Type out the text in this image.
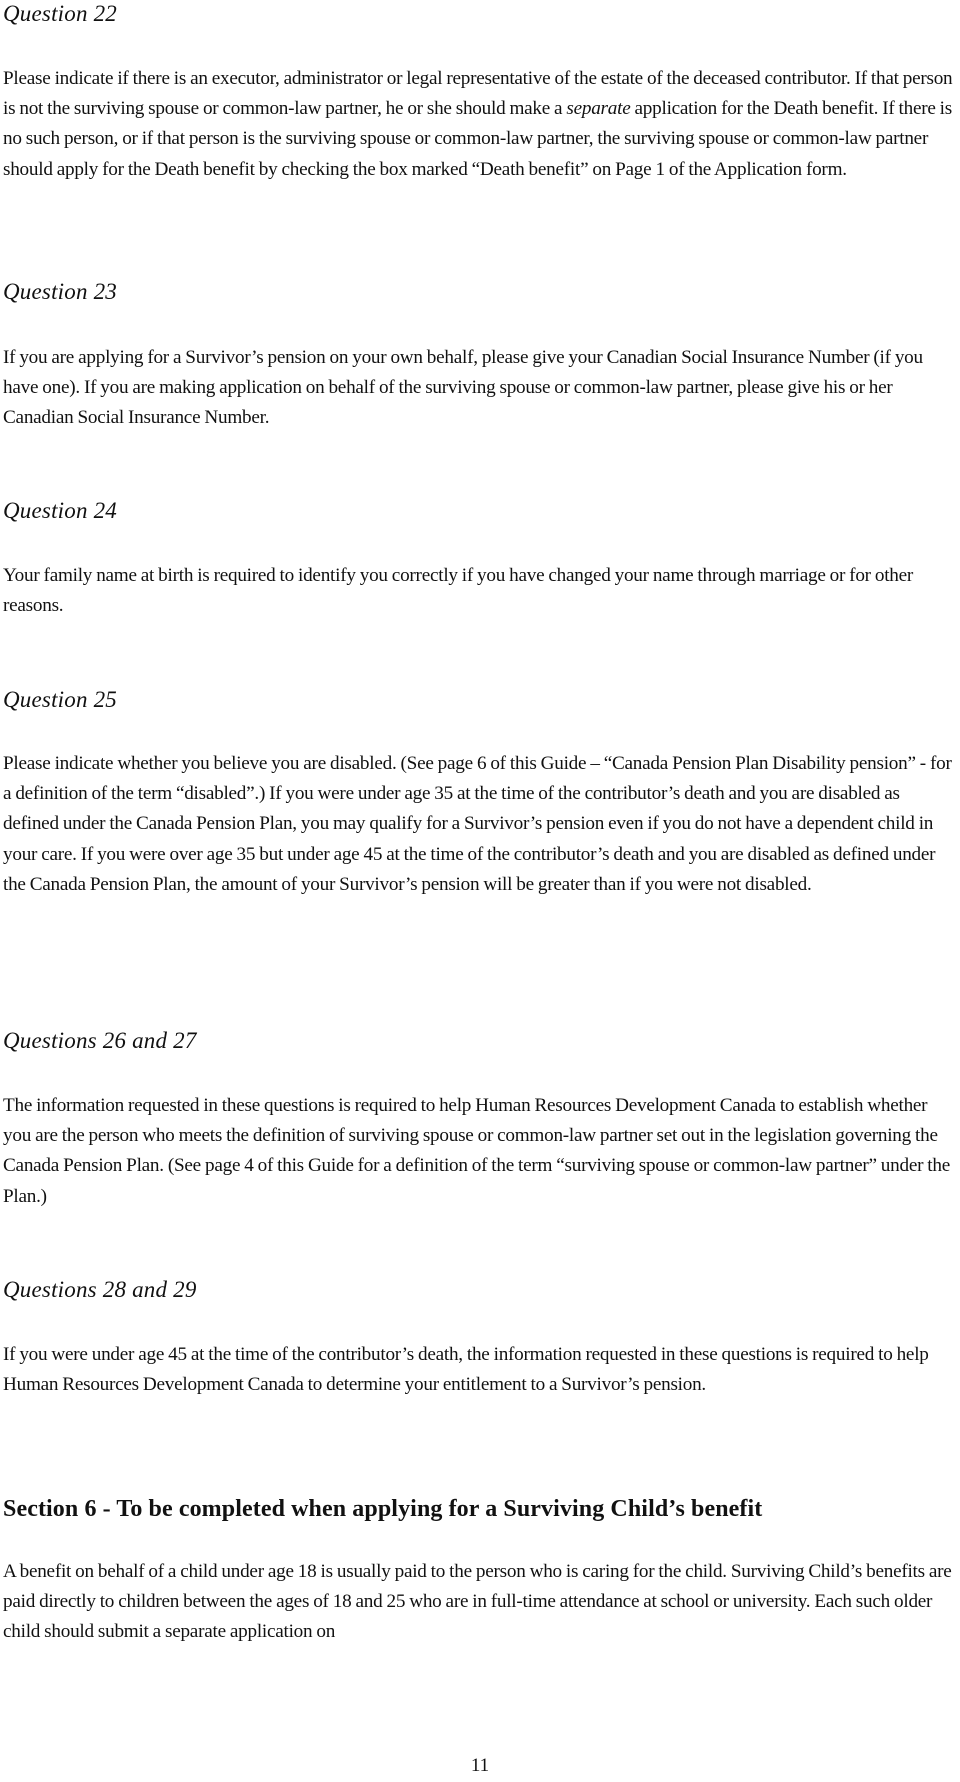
Question 22

Please indicate if there is an executor, administrator or legal representative of the estate of the deceased contributor. If that person is not the surviving spouse or common-law partner, he or she should make a separate application for the Death benefit. If there is no such person, or if that person is the surviving spouse or common-law partner, the surviving spouse or common-law partner should apply for the Death benefit by checking the box marked “Death benefit” on Page 1 of the Application form.

Question 23

If you are applying for a Survivor’s pension on your own behalf, please give your Canadian Social Insurance Number (if you have one). If you are making application on behalf of the surviving spouse or common-law partner, please give his or her Canadian Social Insurance Number.

Question 24

Your family name at birth is required to identify you correctly if you have changed your name through marriage or for other reasons.

Question 25

Please indicate whether you believe you are disabled. (See page 6 of this Guide – “Canada Pension Plan Disability pension” - for a definition of the term “disabled”.) If you were under age 35 at the time of the contributor’s death and you are disabled as defined under the Canada Pension Plan, you may qualify for a Survivor’s pension even if you do not have a dependent child in your care. If you were over age 35 but under age 45 at the time of the contributor’s death and you are disabled as defined under the Canada Pension Plan, the amount of your Survivor’s pension will be greater than if you were not disabled.

Questions 26 and 27

The information requested in these questions is required to help Human Resources Development Canada to establish whether you are the person who meets the definition of surviving spouse or common-law partner set out in the legislation governing the Canada Pension Plan. (See page 4 of this Guide for a definition of the term “surviving spouse or common-law partner” under the Plan.)

Questions 28 and 29

If you were under age 45 at the time of the contributor’s death, the information requested in these questions is required to help Human Resources Development Canada to determine your entitlement to a Survivor’s pension.

Section 6 - To be completed when applying for a Surviving Child’s benefit

A benefit on behalf of a child under age 18 is usually paid to the person who is caring for the child. Surviving Child’s benefits are paid directly to children between the ages of 18 and 25 who are in full-time attendance at school or university. Each such older child should submit a separate application on

11
